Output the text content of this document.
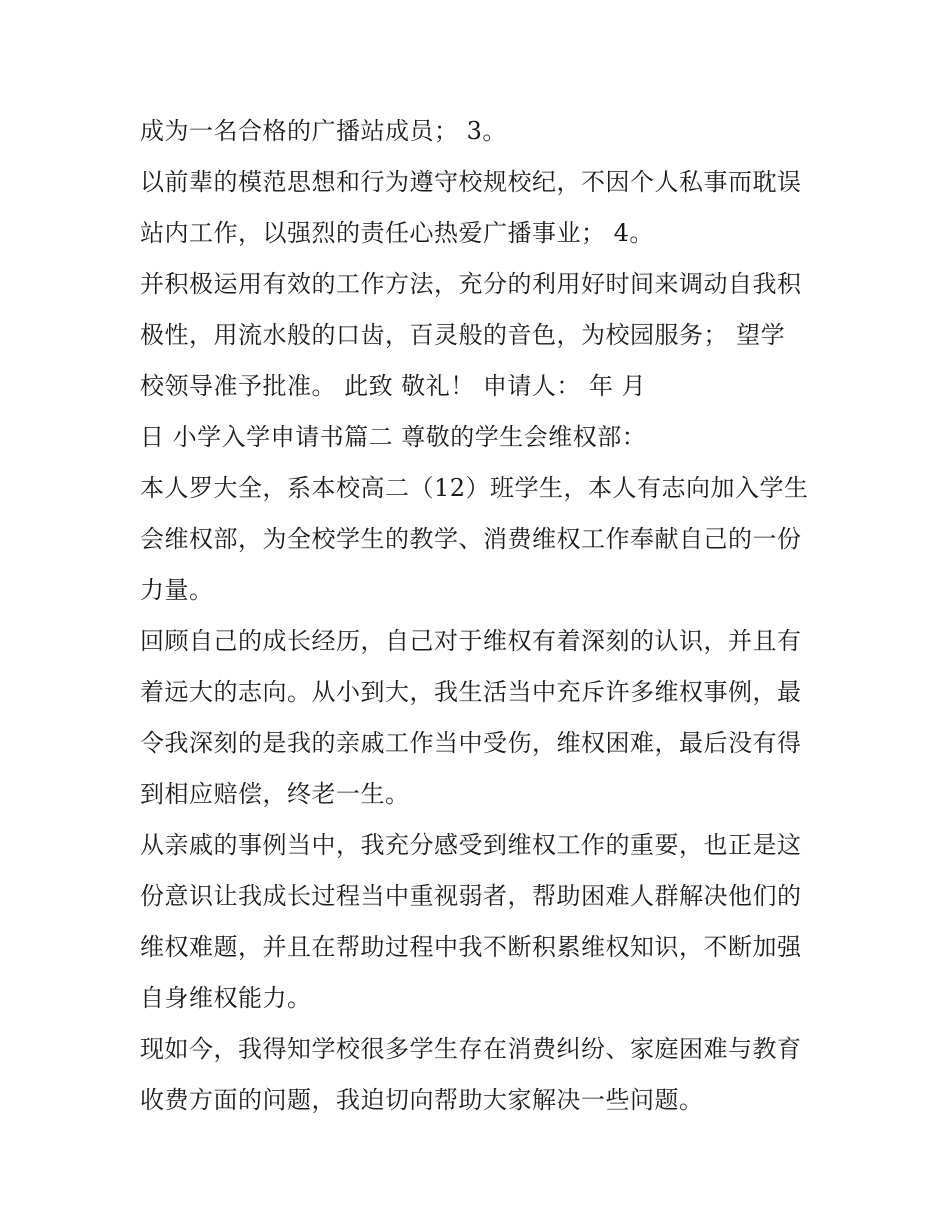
成为一名合格的广播站成员； 3。
以前辈的模范思想和行为遵守校规校纪，不因个人私事而耽误
站内工作，以强烈的责任心热爱广播事业； 4。
并积极运用有效的工作方法，充分的利用好时间来调动自我积
极性，用流水般的口齿，百灵般的音色，为校园服务； 望学
校领导准予批准。 此致 敬礼！ 申请人： 年 月
日 小学入学申请书篇二 尊敬的学生会维权部：
本人罗大全，系本校高二（12）班学生，本人有志向加入学生
会维权部，为全校学生的教学、消费维权工作奉献自己的一份
力量。
回顾自己的成长经历，自己对于维权有着深刻的认识，并且有
着远大的志向。从小到大，我生活当中充斥许多维权事例，最
令我深刻的是我的亲戚工作当中受伤，维权困难，最后没有得
到相应赔偿，终老一生。
从亲戚的事例当中，我充分感受到维权工作的重要，也正是这
份意识让我成长过程当中重视弱者，帮助困难人群解决他们的
维权难题，并且在帮助过程中我不断积累维权知识，不断加强
自身维权能力。
现如今，我得知学校很多学生存在消费纠纷、家庭困难与教育
收费方面的问题，我迫切向帮助大家解决一些问题。
